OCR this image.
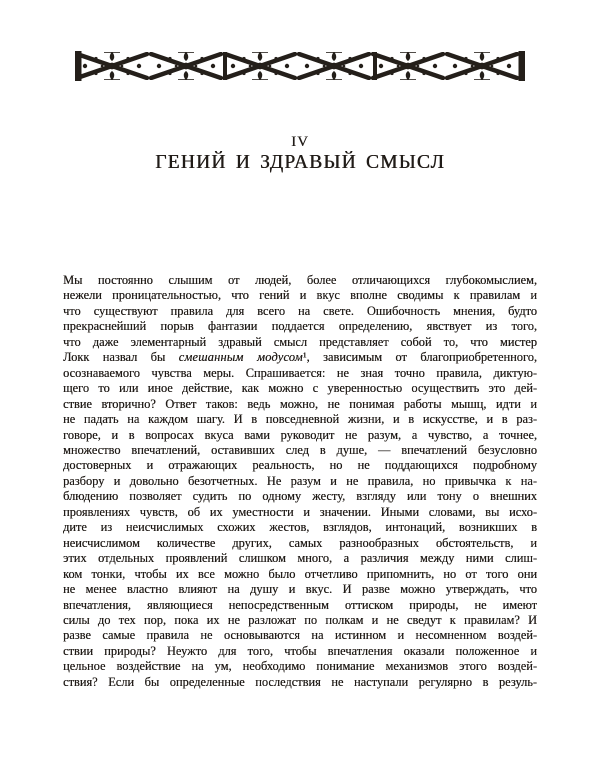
IV
ГЕНИЙ И ЗДРАВЫЙ СМЫСЛ
Мы постоянно слышим от людей, более отличающихся глубокомыслием,
нежели проницательностью, что гений и вкус вполне сводимы к правилам и
что существуют правила для всего на свете. Ошибочность мнения, будто
прекраснейший порыв фантазии поддается определению, явствует из того,
что даже элементарный здравый смысл представляет собой то, что мистер
Локк назвал бы смешанным модусом¹, зависимым от благоприобретенного,
осознаваемого чувства меры. Спрашивается: не зная точно правила, диктую-
щего то или иное действие, как можно с уверенностью осуществить это дей-
ствие вторично? Ответ таков: ведь можно, не понимая работы мышц, идти и
не падать на каждом шагу. И в повседневной жизни, и в искусстве, и в раз-
говоре, и в вопросах вкуса вами руководит не разум, а чувство, а точнее,
множество впечатлений, оставивших след в душе, — впечатлений безусловно
достоверных и отражающих реальность, но не поддающихся подробному
разбору и довольно безотчетных. Не разум и не правила, но привычка к на-
блюдению позволяет судить по одному жесту, взгляду или тону о внешних
проявлениях чувств, об их уместности и значении. Иными словами, вы исхо-
дите из неисчислимых схожих жестов, взглядов, интонаций, возникших в
неисчислимом количестве других, самых разнообразных обстоятельств, и
этих отдельных проявлений слишком много, а различия между ними слиш-
ком тонки, чтобы их все можно было отчетливо припомнить, но от того они
не менее властно влияют на душу и вкус. И разве можно утверждать, что
впечатления, являющиеся непосредственным оттиском природы, не имеют
силы до тех пор, пока их не разложат по полкам и не сведут к правилам? И
разве самые правила не основываются на истинном и несомненном воздей-
ствии природы? Неужто для того, чтобы впечатления оказали положенное и
цельное воздействие на ум, необходимо понимание механизмов этого воздей-
ствия? Если бы определенные последствия не наступали регулярно в резуль-
